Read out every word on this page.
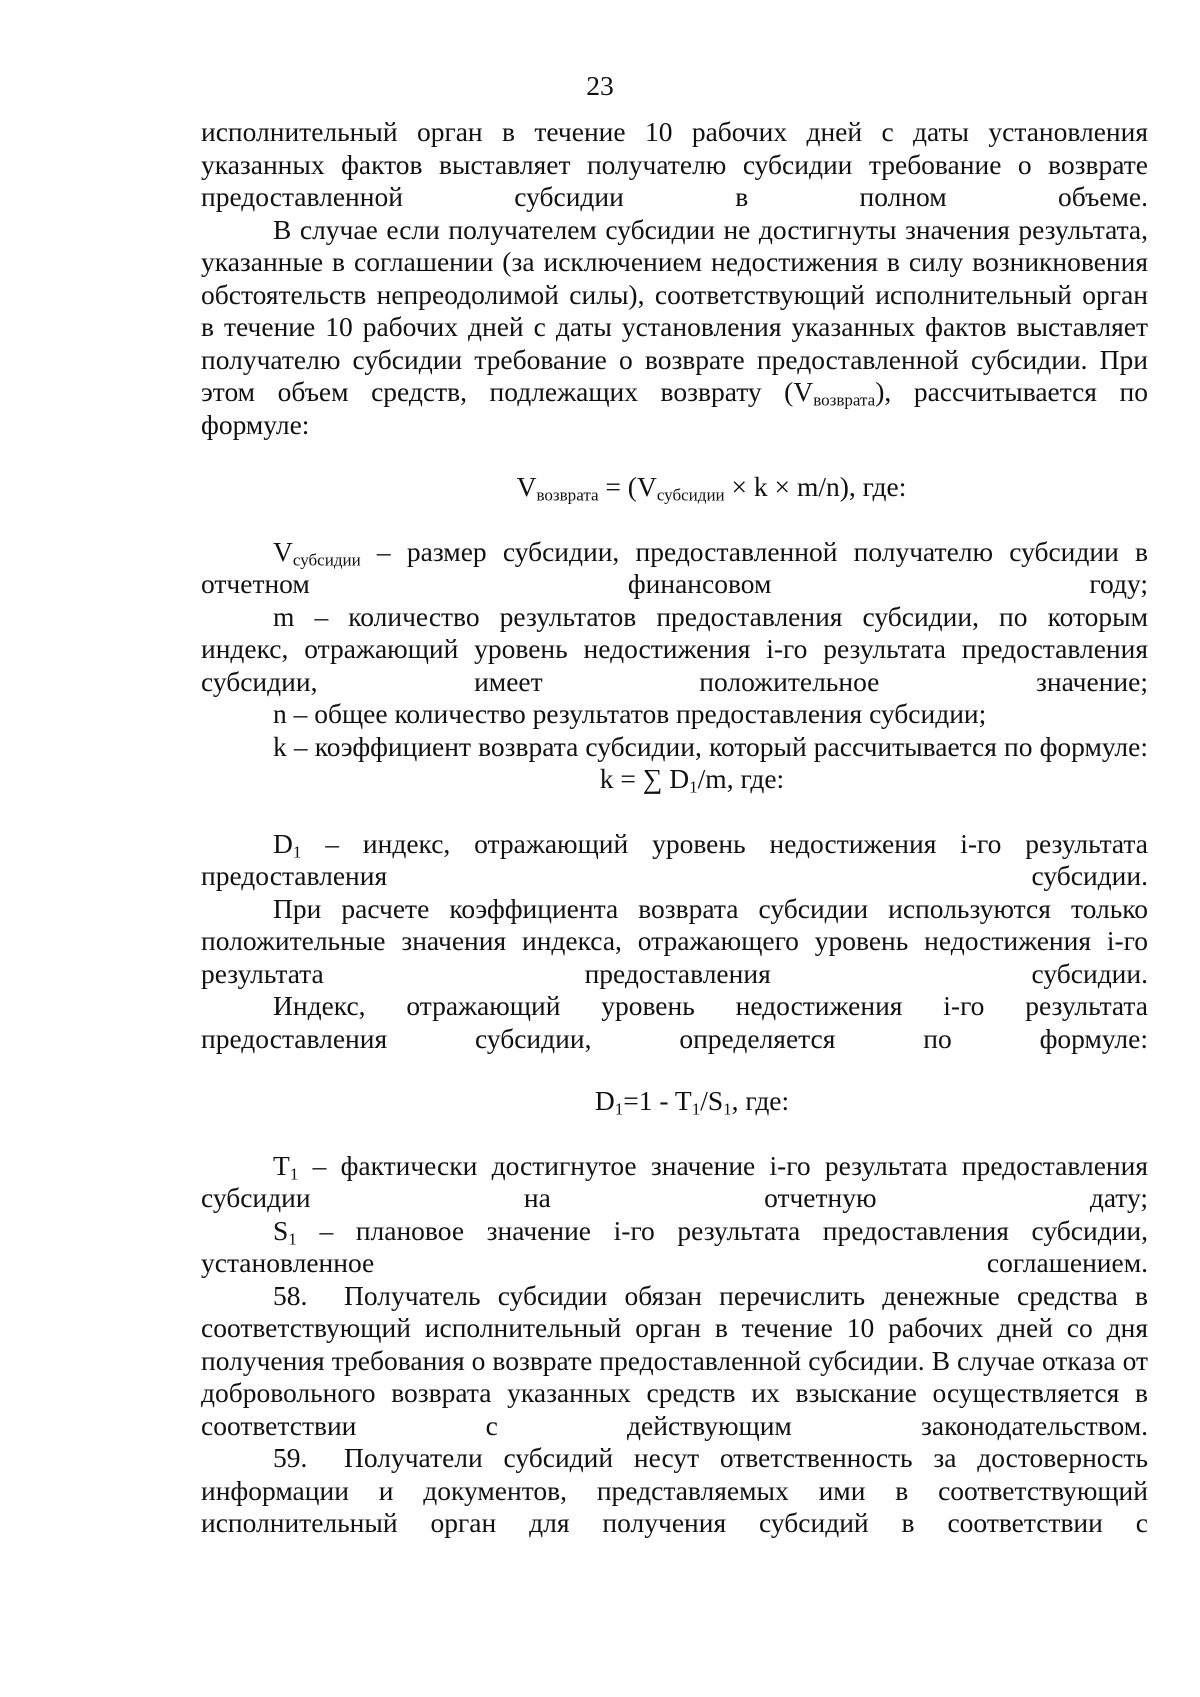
23

исполнительный орган в течение 10 рабочих дней с даты установления указанных фактов выставляет получателю субсидии требование о возврате предоставленной субсидии в полном объеме.

В случае если получателем субсидии не достигнуты значения результата, указанные в соглашении (за исключением недостижения в силу возникновения обстоятельств непреодолимой силы), соответствующий исполнительный орган в течение 10 рабочих дней с даты установления указанных фактов выставляет получателю субсидии требование о возврате предоставленной субсидии. При этом объем средств, подлежащих возврату $(V_{возврата})$, рассчитывается по формуле:

$V_{возврата} = (V_{субсидии} \times k \times m/n)$, где:

$V_{субсидии}$ – размер субсидии, предоставленной получателю субсидии в отчетном финансовом году;

m – количество результатов предоставления субсидии, по которым индекс, отражающий уровень недостижения i-го результата предоставления субсидии, имеет положительное значение;

n – общее количество результатов предоставления субсидии;

k – коэффициент возврата субсидии, который рассчитывается по формуле:

k = ∑ $D_1/m$, где:

$D_1$ – индекс, отражающий уровень недостижения i-го результата предоставления субсидии.

При расчете коэффициента возврата субсидии используются только положительные значения индекса, отражающего уровень недостижения i-го результата предоставления субсидии.

Индекс, отражающий уровень недостижения i-го результата предоставления субсидии, определяется по формуле:

$D_1=1 - T_1/S_1$, где:

$T_1$ – фактически достигнутое значение i-го результата предоставления субсидии на отчетную дату;

$S_1$ – плановое значение i-го результата предоставления субсидии, установленное соглашением.

58. Получатель субсидии обязан перечислить денежные средства в соответствующий исполнительный орган в течение 10 рабочих дней со дня получения требования о возврате предоставленной субсидии. В случае отказа от добровольного возврата указанных средств их взыскание осуществляется в соответствии с действующим законодательством.

59. Получатели субсидий несут ответственность за достоверность информации и документов, представляемых ими в соответствующий исполнительный орган для получения субсидий в соответствии с
